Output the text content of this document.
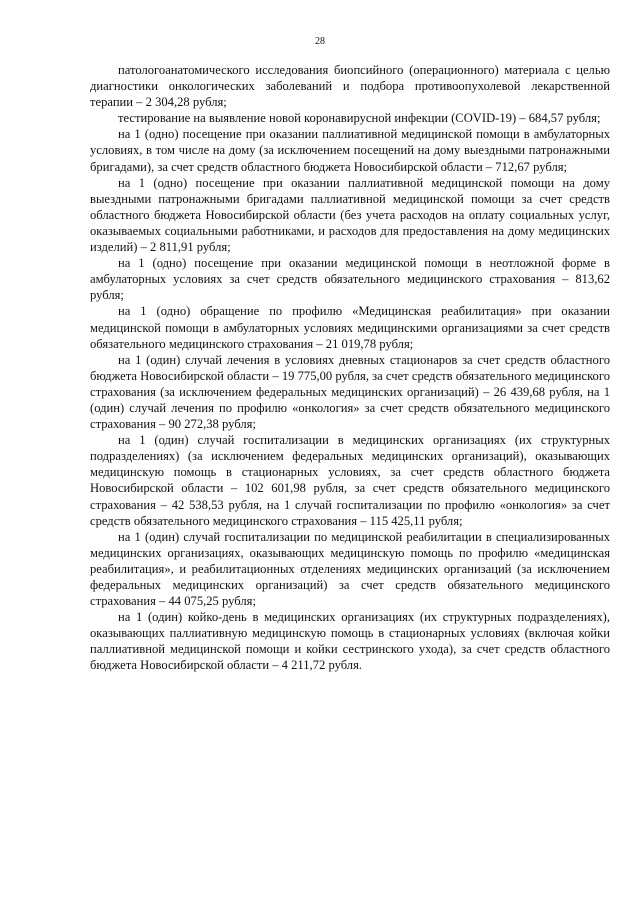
28

патологоанатомического исследования биопсийного (операционного) материала с целью диагностики онкологических заболеваний и подбора противоопухолевой лекарственной терапии – 2 304,28 рубля;

тестирование на выявление новой коронавирусной инфекции (COVID-19) – 684,57 рубля;

на 1 (одно) посещение при оказании паллиативной медицинской помощи в амбулаторных условиях, в том числе на дому (за исключением посещений на дому выездными патронажными бригадами), за счет средств областного бюджета Новосибирской области – 712,67 рубля;

на 1 (одно) посещение при оказании паллиативной медицинской помощи на дому выездными патронажными бригадами паллиативной медицинской помощи за счет средств областного бюджета Новосибирской области (без учета расходов на оплату социальных услуг, оказываемых социальными работниками, и расходов для предоставления на дому медицинских изделий) – 2 811,91 рубля;

на 1 (одно) посещение при оказании медицинской помощи в неотложной форме в амбулаторных условиях за счет средств обязательного медицинского страхования – 813,62 рубля;

на 1 (одно) обращение по профилю «Медицинская реабилитация» при оказании медицинской помощи в амбулаторных условиях медицинскими организациями за счет средств обязательного медицинского страхования – 21 019,78 рубля;

на 1 (один) случай лечения в условиях дневных стационаров за счет средств областного бюджета Новосибирской области – 19 775,00 рубля, за счет средств обязательного медицинского страхования (за исключением федеральных медицинских организаций) – 26 439,68 рубля, на 1 (один) случай лечения по профилю «онкология» за счет средств обязательного медицинского страхования – 90 272,38 рубля;

на 1 (один) случай госпитализации в медицинских организациях (их структурных подразделениях) (за исключением федеральных медицинских организаций), оказывающих медицинскую помощь в стационарных условиях, за счет средств областного бюджета Новосибирской области – 102 601,98 рубля, за счет средств обязательного медицинского страхования – 42 538,53 рубля, на 1 случай госпитализации по профилю «онкология» за счет средств обязательного медицинского страхования – 115 425,11 рубля;

на 1 (один) случай госпитализации по медицинской реабилитации в специализированных медицинских организациях, оказывающих медицинскую помощь по профилю «медицинская реабилитация», и реабилитационных отделениях медицинских организаций (за исключением федеральных медицинских организаций) за счет средств обязательного медицинского страхования – 44 075,25 рубля;

на 1 (один) койко-день в медицинских организациях (их структурных подразделениях), оказывающих паллиативную медицинскую помощь в стационарных условиях (включая койки паллиативной медицинской помощи и койки сестринского ухода), за счет средств областного бюджета Новосибирской области – 4 211,72 рубля.
